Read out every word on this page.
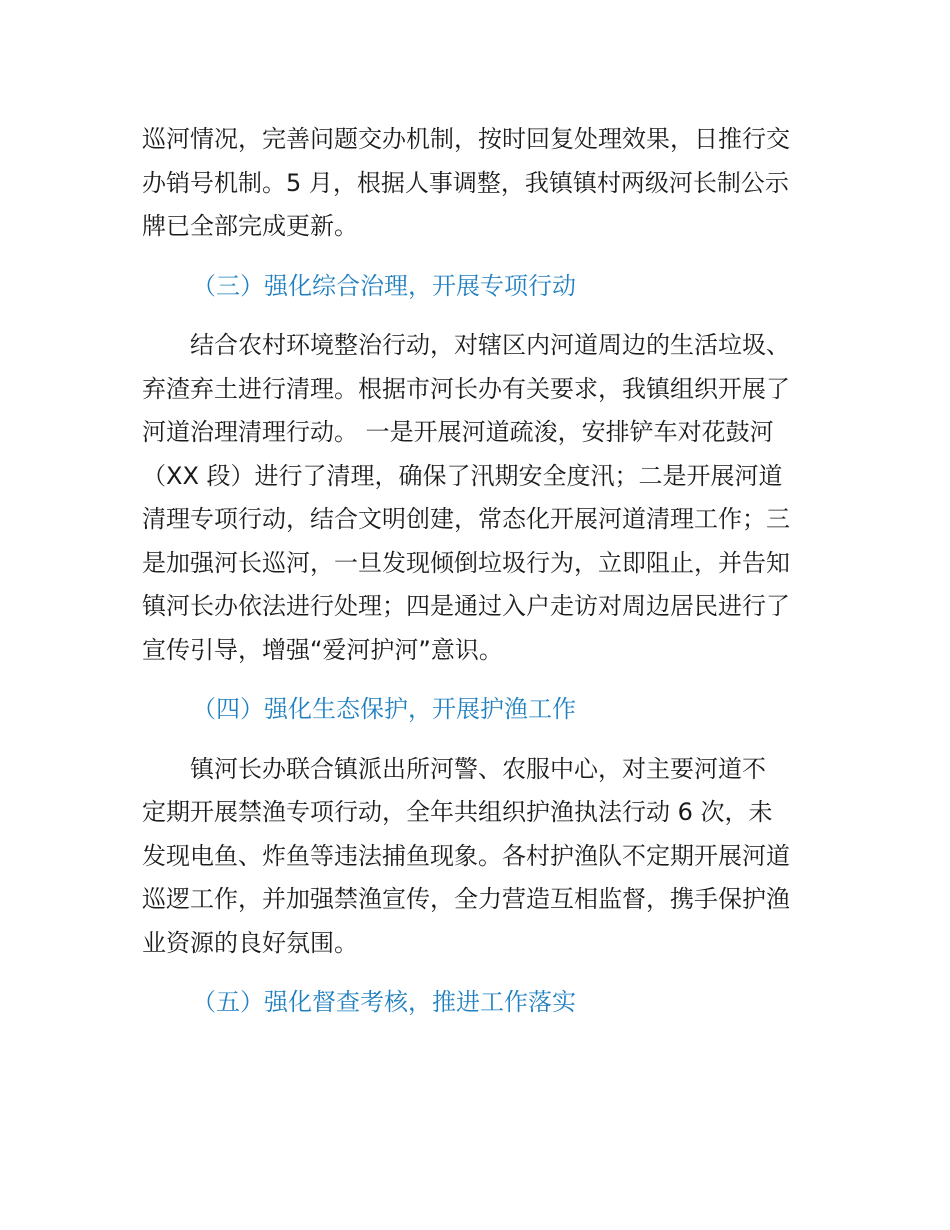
巡河情况，完善问题交办机制，按时回复处理效果，日推行交
办销号机制。5 月，根据人事调整，我镇镇村两级河长制公示
牌已全部完成更新。

（三）强化综合治理，开展专项行动

结合农村环境整治行动，对辖区内河道周边的生活垃圾、
弃渣弃土进行清理。根据市河长办有关要求，我镇组织开展了
河道治理清理行动。 一是开展河道疏浚，安排铲车对花鼓河
（XX 段）进行了清理，确保了汛期安全度汛；二是开展河道
清理专项行动，结合文明创建，常态化开展河道清理工作；三
是加强河长巡河，一旦发现倾倒垃圾行为，立即阻止，并告知
镇河长办依法进行处理；四是通过入户走访对周边居民进行了
宣传引导，增强“爱河护河”意识。

（四）强化生态保护，开展护渔工作

镇河长办联合镇派出所河警、农服中心，对主要河道不
定期开展禁渔专项行动，全年共组织护渔执法行动 6 次，未
发现电鱼、炸鱼等违法捕鱼现象。各村护渔队不定期开展河道
巡逻工作，并加强禁渔宣传，全力营造互相监督，携手保护渔
业资源的良好氛围。

（五）强化督查考核，推进工作落实
